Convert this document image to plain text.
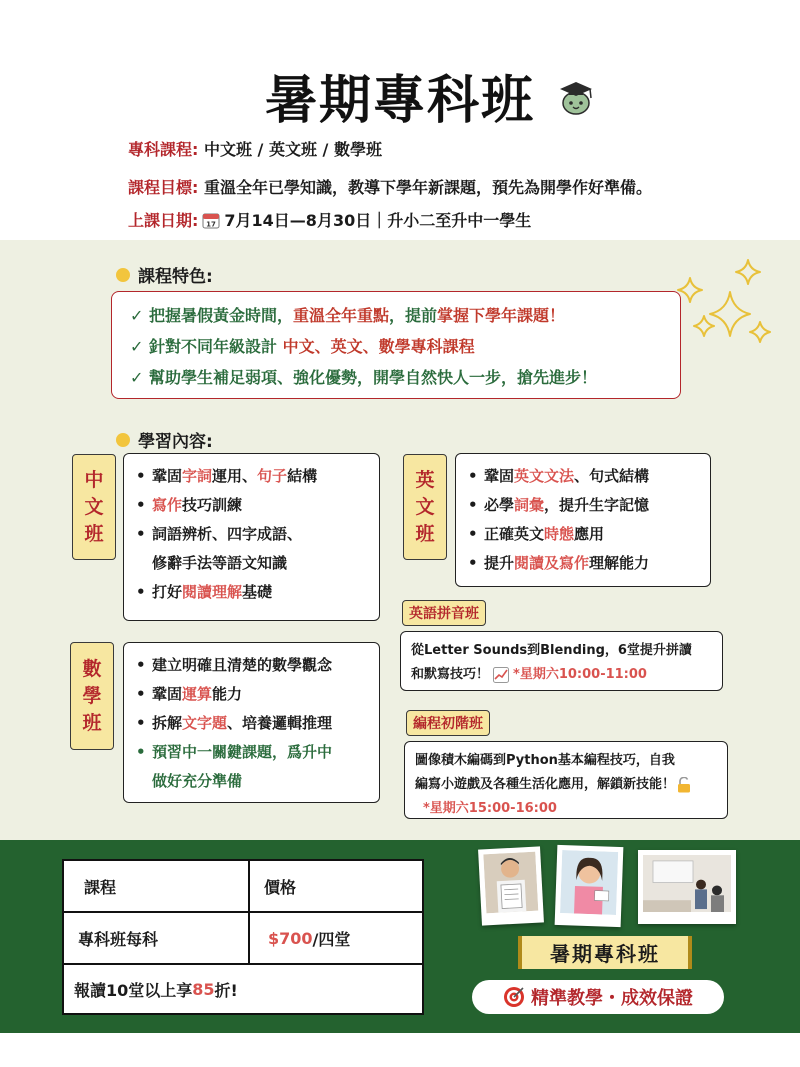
暑期專科班
專科課程: 中文班 / 英文班 / 數學班
課程目標: 重溫全年已學知識，教導下學年新課題，預先為開學作好準備。
上課日期: 17 7月14日—8月30日｜升小二至升中一學生
課程特色:
✓ 把握暑假黃金時間，重溫全年重點，提前掌握下學年課題！
✓ 針對不同年級設計 中文、英文、數學專科課程
✓ 幫助學生補足弱項、強化優勢，開學自然快人一步，搶先進步！
學習內容:
中
文
班
• 鞏固 字詞 運用、 句子 結構
• 寫作 技巧訓練
• 詞語辨析、四字成語、
修辭手法等語文知識
• 打好 閱讀理解 基礎
英
文
班
• 鞏固 英文文法 、句式結構
• 必學 詞彙 ，提升生字記憶
• 正確英文 時態 應用
• 提升 閱讀及寫作 理解能力
英語拼音班
從Letter Sounds到Blending，6堂提升拼讀
和默寫技巧！ *星期六10:00-11:00
編程初階班
圖像積木編碼到Python基本編程技巧，自我
編寫小遊戲及各種生活化應用，解鎖新技能！
*星期六15:00-16:00
數
學
班
• 建立明確且清楚的數學觀念
• 鞏固 運算 能力
• 拆解 文字題 、培養邏輯推理
• 預習中一關鍵課題，爲升中
做好充分準備
課程	價格
專科班每科	$700 /四堂
報讀10堂以上享 85 折!
暑期專科班
精準教學・成效保證
